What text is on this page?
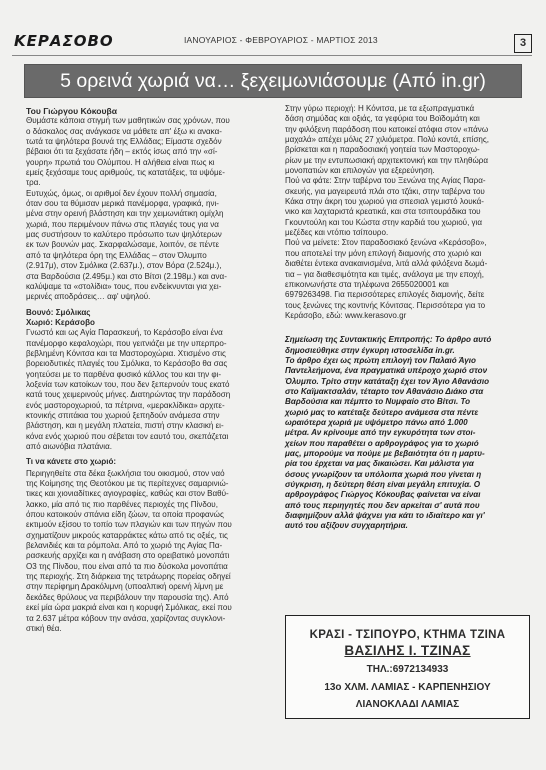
ΚΕΡΑΣΟΒΟ	ΙΑΝΟΥΑΡΙΟΣ - ΦΕΒΡΟΥΑΡΙΟΣ - ΜΑΡΤΙΟΣ 2013	3
5 ορεινά χωριά να… ξεχειμωνιάσουμε (Από in.gr)

Του Γιώργου Κόκουβα

Θυμάστε κάποια στιγμή των μαθητικών σας χρόνων, που
ο δάσκαλος σας ανάγκασε να μάθετε απ' έξω κι ανακα-
τωτά τα ψηλότερα βουνά της Ελλάδας; Είμαστε σχεδόν
βέβαιοι ότι τα ξεχάσατε ήδη – εκτός ίσως από την «σί-
γουρη» πρωτιά του Ολύμπου. Η αλήθεια είναι πως κι
εμείς ξεχάσαμε τους αριθμούς, τις κατατάξεις, τα υψόμε-
τρα.
Ευτυχώς, όμως, οι αριθμοί δεν έχουν πολλή σημασία,
όταν σου τα θύμισαν μερικά πανέμορφα, γραφικά, ηνι-
μένα στην ορεινή βλάστηση και την χειμωνιάτικη ομίχλη
χωριά, που περιμένουν πάνω στις πλαγιές τους για να
μας συστήσουν το καλύτερο πρόσωπο των ψηλότερων
εκ των βουνών μας. Σκαρφαλώσαμε, λοιπόν, σε πέντε
από τα ψηλότερα όρη της Ελλάδας – στον Όλυμπο
(2.917μ), στον Σμόλικα (2.637μ.), στον Βόρα (2.524μ.),
στα Βαρδούσια (2.495μ.) και στο Βίτσι (2.198μ.) και ανα-
καλύψαμε τα «στολίδια» τους, που ενδείκνυνται για χει-
μερινές αποδράσεις… αφ' υψηλού.

Βουνό: Σμόλικας

Χωριό: Κεράσοβο

Γνωστό και ως Αγία Παρασκευή, το Κεράσοβο είναι ένα
πανέμορφο κεφαλοχώρι, που γειτνιάζει με την υπερπρο-
βεβλημένη Κόνιτσα και τα Μαστοροχώρια. Χτισμένο στις
βορειοδυτικές πλαγιές του Σμόλικα, το Κεράσοβο θα σας
γοητεύσει με το παρθένα φυσικό κάλλος του και την φι-
λοξενία των κατοίκων του, που δεν ξεπερνούν τους εκατό
κατά τους χειμερινούς μήνες. Διατηρώντας την παράδοση
ενός μαστοροχωριού, τα πέτρινα, «μερακλίδικα» αρχιτε-
κτονικής σπιτάκια του χωριού ξεπηδούν ανάμεσα στην
βλάστηση, και η μεγάλη πλατεία, πιστή στην κλασική ει-
κόνα ενός χωριού που σέβεται τον εαυτό του, σκεπάζεται
από αιωνόβια πλατάνια.

Τι να κάνετε στο χωριό:

Περιηγηθείτε στα δέκα ξωκλήσια του οικισμού, στον ναό
της Κοίμησης της Θεοτόκου με τις περίτεχνες σαμαρινιώ-
τικες και χιονιαδίτικες αγιογραφίες, καθώς και στον Βαθύ-
λακκο, μία από τις πιο παρθένες περιοχές της Πίνδου,
όπου κατοικούν σπάνια είδη ζώων, τα οποία προφανώς
εκτιμούν εξίσου το τοπίο των πλαγιών και των πηγών που
σχηματίζουν μικρούς καταρράκτες κάτω από τις οξιές, τις
βελανιδιές και τα ρόμπολα. Από το χωριό της Αγίας Πα-
ρασκευής αρχίζει και η ανάβαση στο ορειβατικό μονοπάτι
Ο3 της Πίνδου, που είναι από τα πιο δύσκολα μονοπάτια
της περιοχής. Στη διάρκεια της τετράωρης πορείας οδηγεί
στην περίφημη Δρακόλιμνη (υποαλπική ορεινή λίμνη με
δεκάδες θρύλους να περιβάλουν την παρουσία της). Από
εκεί μία ώρα μακριά είναι και η κορυφή Σμόλικας, εκεί που
τα 2.637 μέτρα κόβουν την ανάσα, χαρίζοντας συγκλονι-
στική θέα.
Στην γύρω περιοχή: Η Κόνιτσα, με τα εξωπραγματικά
δάση σημύδας και οξιάς, τα γεφύρια του Βοϊδομάτη και
την φιλόξενη παράδοση που κατοικεί ατόφια στον «πάνω
μαχαλά» απέχει μόλις 27 χιλιόμετρα. Πολύ κοντά, επίσης,
βρίσκεται και η παραδοσιακή γοητεία των Μαστοροχω-
ρίων με την εντυπωσιακή αρχιτεκτονική και την πληθώρα
μονοπατιών και επιλογών για εξερεύνηση.
Πού να φάτε: Στην ταβέρνα του Ξενώνα της Αγίας Παρα-
σκευής, για μαγειρευτά πλάι στο τζάκι, στην ταβέρνα του
Κάκα στην άκρη του χωριού για σπεσιαλ γεμιστό λουκά-
νικο και λαχταριστά κρεατικά, και στα τσιπουράδικα του
Γκουντούλη και του Κώστα στην καρδιά του χωριού, για
μεζέδες και ντόπιο τσίπουρο.
Πού να μείνετε: Στον παραδοσιακό ξενώνα «Κεράσοβο»,
που αποτελεί την μόνη επιλογή διαμονής στο χωριό και
διαθέτει έντεκα ανακαινισμένα, λιτά αλλά φιλόξενα δωμά-
τια – για διαθεσιμότητα και τιμές, ανάλογα με την εποχή,
επικοινωνήστε στα τηλέφωνα 2655020001 και
6979263498. Για περισσότερες επιλογές διαμονής, δείτε
τους ξενώνες της κοντινής Κόνιτσας. Περισσότερα για το
Κεράσοβο, εδώ: www.kerasovo.gr
Σημείωση της Συντακτικής Επιτροπής: Το άρθρο αυτό
δημοσιεύθηκε στην έγκυρη ιστοσελίδα in.gr.
Το άρθρο έχει ως πρώτη επιλογή τον Παλαιό Άγιο
Παντελεήμονα, ένα πραγματικά υπέροχο χωριό στον
Όλυμπο. Τρίτο στην κατάταξη έχει τον Άγιο Αθανάσιο
στο Καϊμακτσαλάν, τέταρτο τον Αθανάσιο Διάκο στα
Βαρδούσια και πέμπτο το Νυμφαίο στο Βίτσι. Το
χωριό μας το κατέταξε δεύτερο ανάμεσα στα πέντε
ωραιότερα χωριά με υψόμετρο πάνω από 1.000
μέτρα. Αν κρίνουμε από την εγκυρότητα των στοι-
χείων που παραθέτει ο αρθρογράφος για το χωριό
μας, μπορούμε να πούμε με βεβαιότητα ότι η μαρτυ-
ρία του έρχεται να μας δικαιώσει. Και μάλιστα για
όσους γνωρίζουν τα υπόλοιπα χωριά που γίνεται η
σύγκριση, η δεύτερη θέση είναι μεγάλη επιτυχία. Ο
αρθρογράφος Γιώργος Κόκουβας φαίνεται να είναι
από τους περιηγητές που δεν αρκείται σ' αυτά που
διαφημίζουν αλλά ψάχνει για κάτι το ιδιαίτερο και γι'
αυτό του αξίζουν συγχαρητήρια.
ΚΡΑΣΙ - ΤΣΙΠΟΥΡΟ, ΚΤΗΜΑ ΤΖΙΝΑ
ΒΑΣΙΛΗΣ Ι. ΤΖΙΝΑΣ
ΤΗΛ.:6972134933
13ο ΧΛΜ. ΛΑΜΙΑΣ - ΚΑΡΠΕΝΗΣΙΟΥ
ΛΙΑΝΟΚΛΑΔΙ ΛΑΜΙΑΣ
